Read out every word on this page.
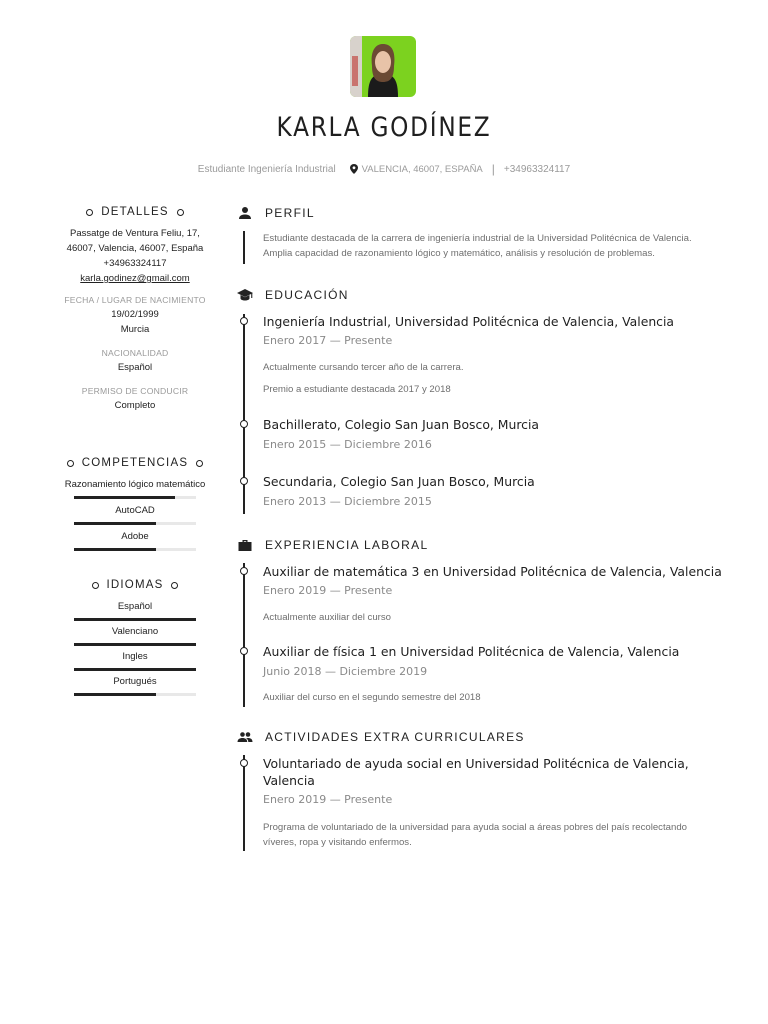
KARLA GODÍNEZ
Estudiante Ingeniería Industrial	VALENCIA, 46007, ESPAÑA | +34963324117
DETALLES
Passatge de Ventura Feliu, 17,
46007, Valencia, 46007, España
+34963324117
karla.godinez@gmail.com
FECHA / LUGAR DE NACIMIENTO
19/02/1999
Murcia
NACIONALIDAD
Español
PERMISO DE CONDUCIR
Completo
COMPETENCIAS
Razonamiento lógico matemático
AutoCAD
Adobe
IDIOMAS
Español
Valenciano
Ingles
Portugués
PERFIL
Estudiante destacada de la carrera de ingeniería industrial de la Universidad Politécnica de Valencia. Amplia capacidad de razonamiento lógico y matemático, análisis y resolución de problemas.
EDUCACIÓN
Ingeniería Industrial, Universidad Politécnica de Valencia, Valencia
Enero 2017 — Presente
Actualmente cursando tercer año de la carrera.
Premio a estudiante destacada 2017 y 2018
Bachillerato, Colegio San Juan Bosco, Murcia
Enero 2015 — Diciembre 2016
Secundaria, Colegio San Juan Bosco, Murcia
Enero 2013 — Diciembre 2015
EXPERIENCIA LABORAL
Auxiliar de matemática 3 en Universidad Politécnica de Valencia, Valencia
Enero 2019 — Presente
Actualmente auxiliar del curso
Auxiliar de física 1 en Universidad Politécnica de Valencia, Valencia
Junio 2018 — Diciembre 2019
Auxiliar del curso en el segundo semestre del 2018
ACTIVIDADES EXTRA CURRICULARES
Voluntariado de ayuda social en Universidad Politécnica de Valencia, Valencia
Enero 2019 — Presente
Programa de voluntariado de la universidad para ayuda social a áreas pobres del país recolectando víveres, ropa y visitando enfermos.
